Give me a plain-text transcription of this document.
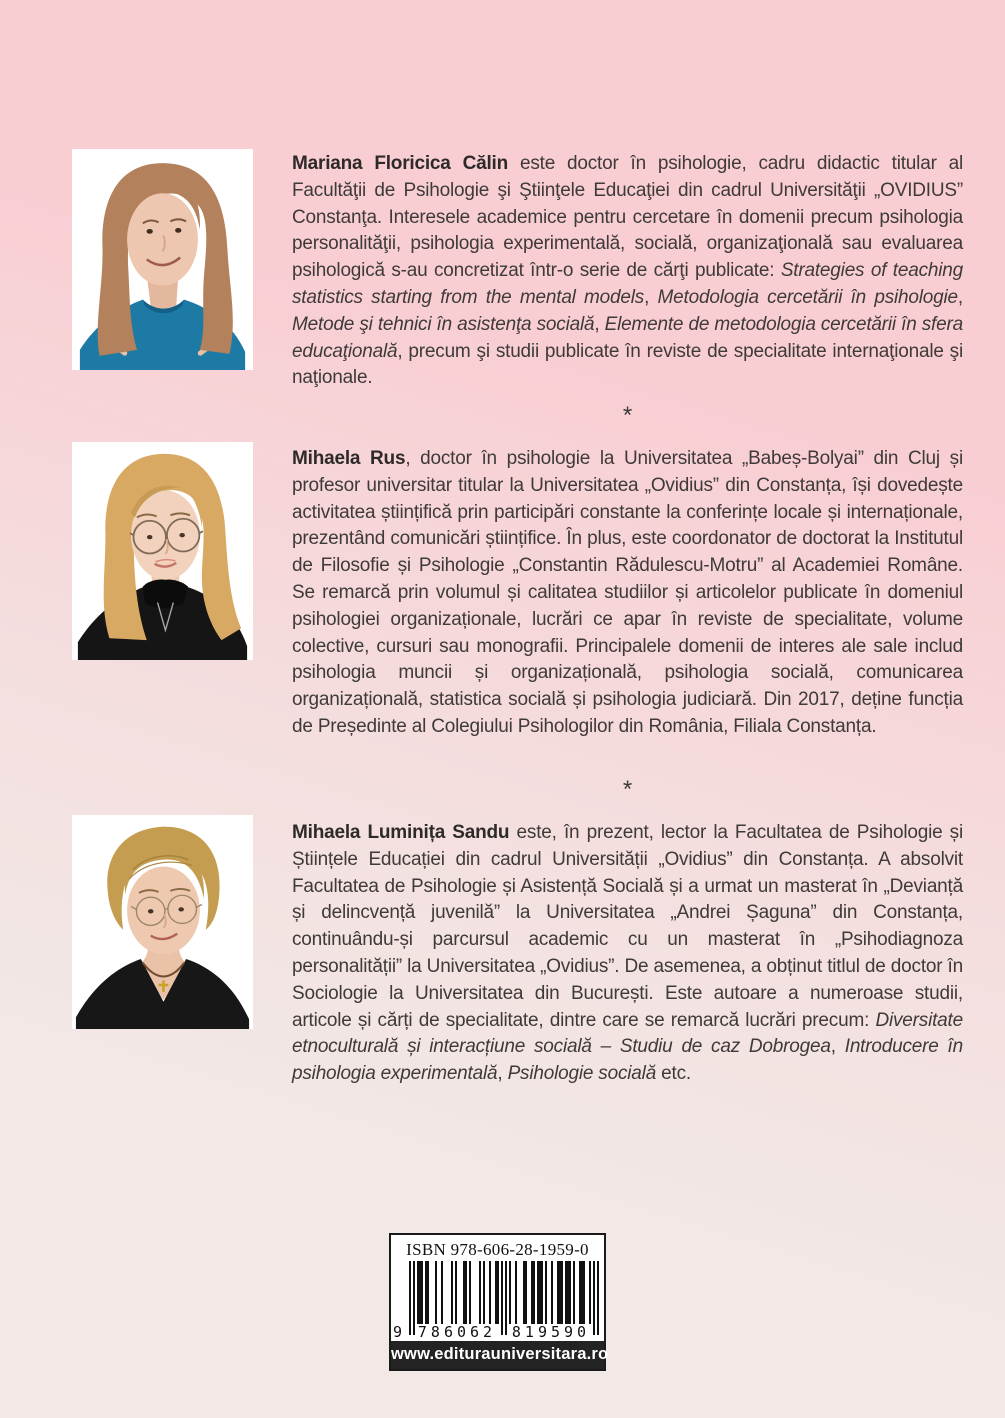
Mariana Floricica Călin este doctor în psihologie, cadru didactic titular al Facultăţii de Psihologie şi Ştiinţele Educaţiei din cadrul Universităţii „OVIDIUS” Constanţa. Interesele academice pentru cercetare în domenii precum psihologia personalităţii, psihologia experimentală, socială, organizaţională sau evaluarea psihologică s-au concretizat într-o serie de cărţi publicate: Strategies of teaching statistics starting from the mental models, Metodologia cercetării în psihologie, Metode şi tehnici în asistenţa socială, Elemente de metodologia cercetării în sfera educaţională, precum şi studii publicate în reviste de specialitate internaţionale şi naţionale.
*
Mihaela Rus, doctor în psihologie la Universitatea „Babeș-Bolyai” din Cluj și profesor universitar titular la Universitatea „Ovidius” din Constanța, își dovedește activitatea științifică prin participări constante la conferințe locale și internaționale, prezentând comunicări științifice. În plus, este coordonator de doctorat la Institutul de Filosofie și Psihologie „Constantin Rădulescu-Motru” al Academiei Române. Se remarcă prin volumul și calitatea studiilor și articolelor publicate în domeniul psihologiei organizaționale, lucrări ce apar în reviste de specialitate, volume colective, cursuri sau monografii. Principalele domenii de interes ale sale includ psihologia muncii și organizațională, psihologia socială, comunicarea organizațională, statistica socială și psihologia judiciară. Din 2017, deține funcția de Președinte al Colegiului Psihologilor din România, Filiala Constanța.
*
Mihaela Luminița Sandu este, în prezent, lector la Facultatea de Psihologie și Științele Educației din cadrul Universității „Ovidius” din Constanța. A absolvit Facultatea de Psihologie și Asistență Socială și a urmat un masterat în „Devianță și delincvență juvenilă” la Universitatea „Andrei Șaguna” din Constanța, continuându-și parcursul academic cu un masterat în „Psihodiagnoza personalității” la Universitatea „Ovidius”. De asemenea, a obținut titlul de doctor în Sociologie la Universitatea din București. Este autoare a numeroase studii, articole și cărți de specialitate, dintre care se remarcă lucrări precum: Diversitate etnoculturală și interacțiune socială – Studiu de caz Dobrogea, Introducere în psihologia experimentală, Psihologie socială etc.
ISBN 978-606-28-1959-0
9 786062 819590
www.editurauniversitara.ro
